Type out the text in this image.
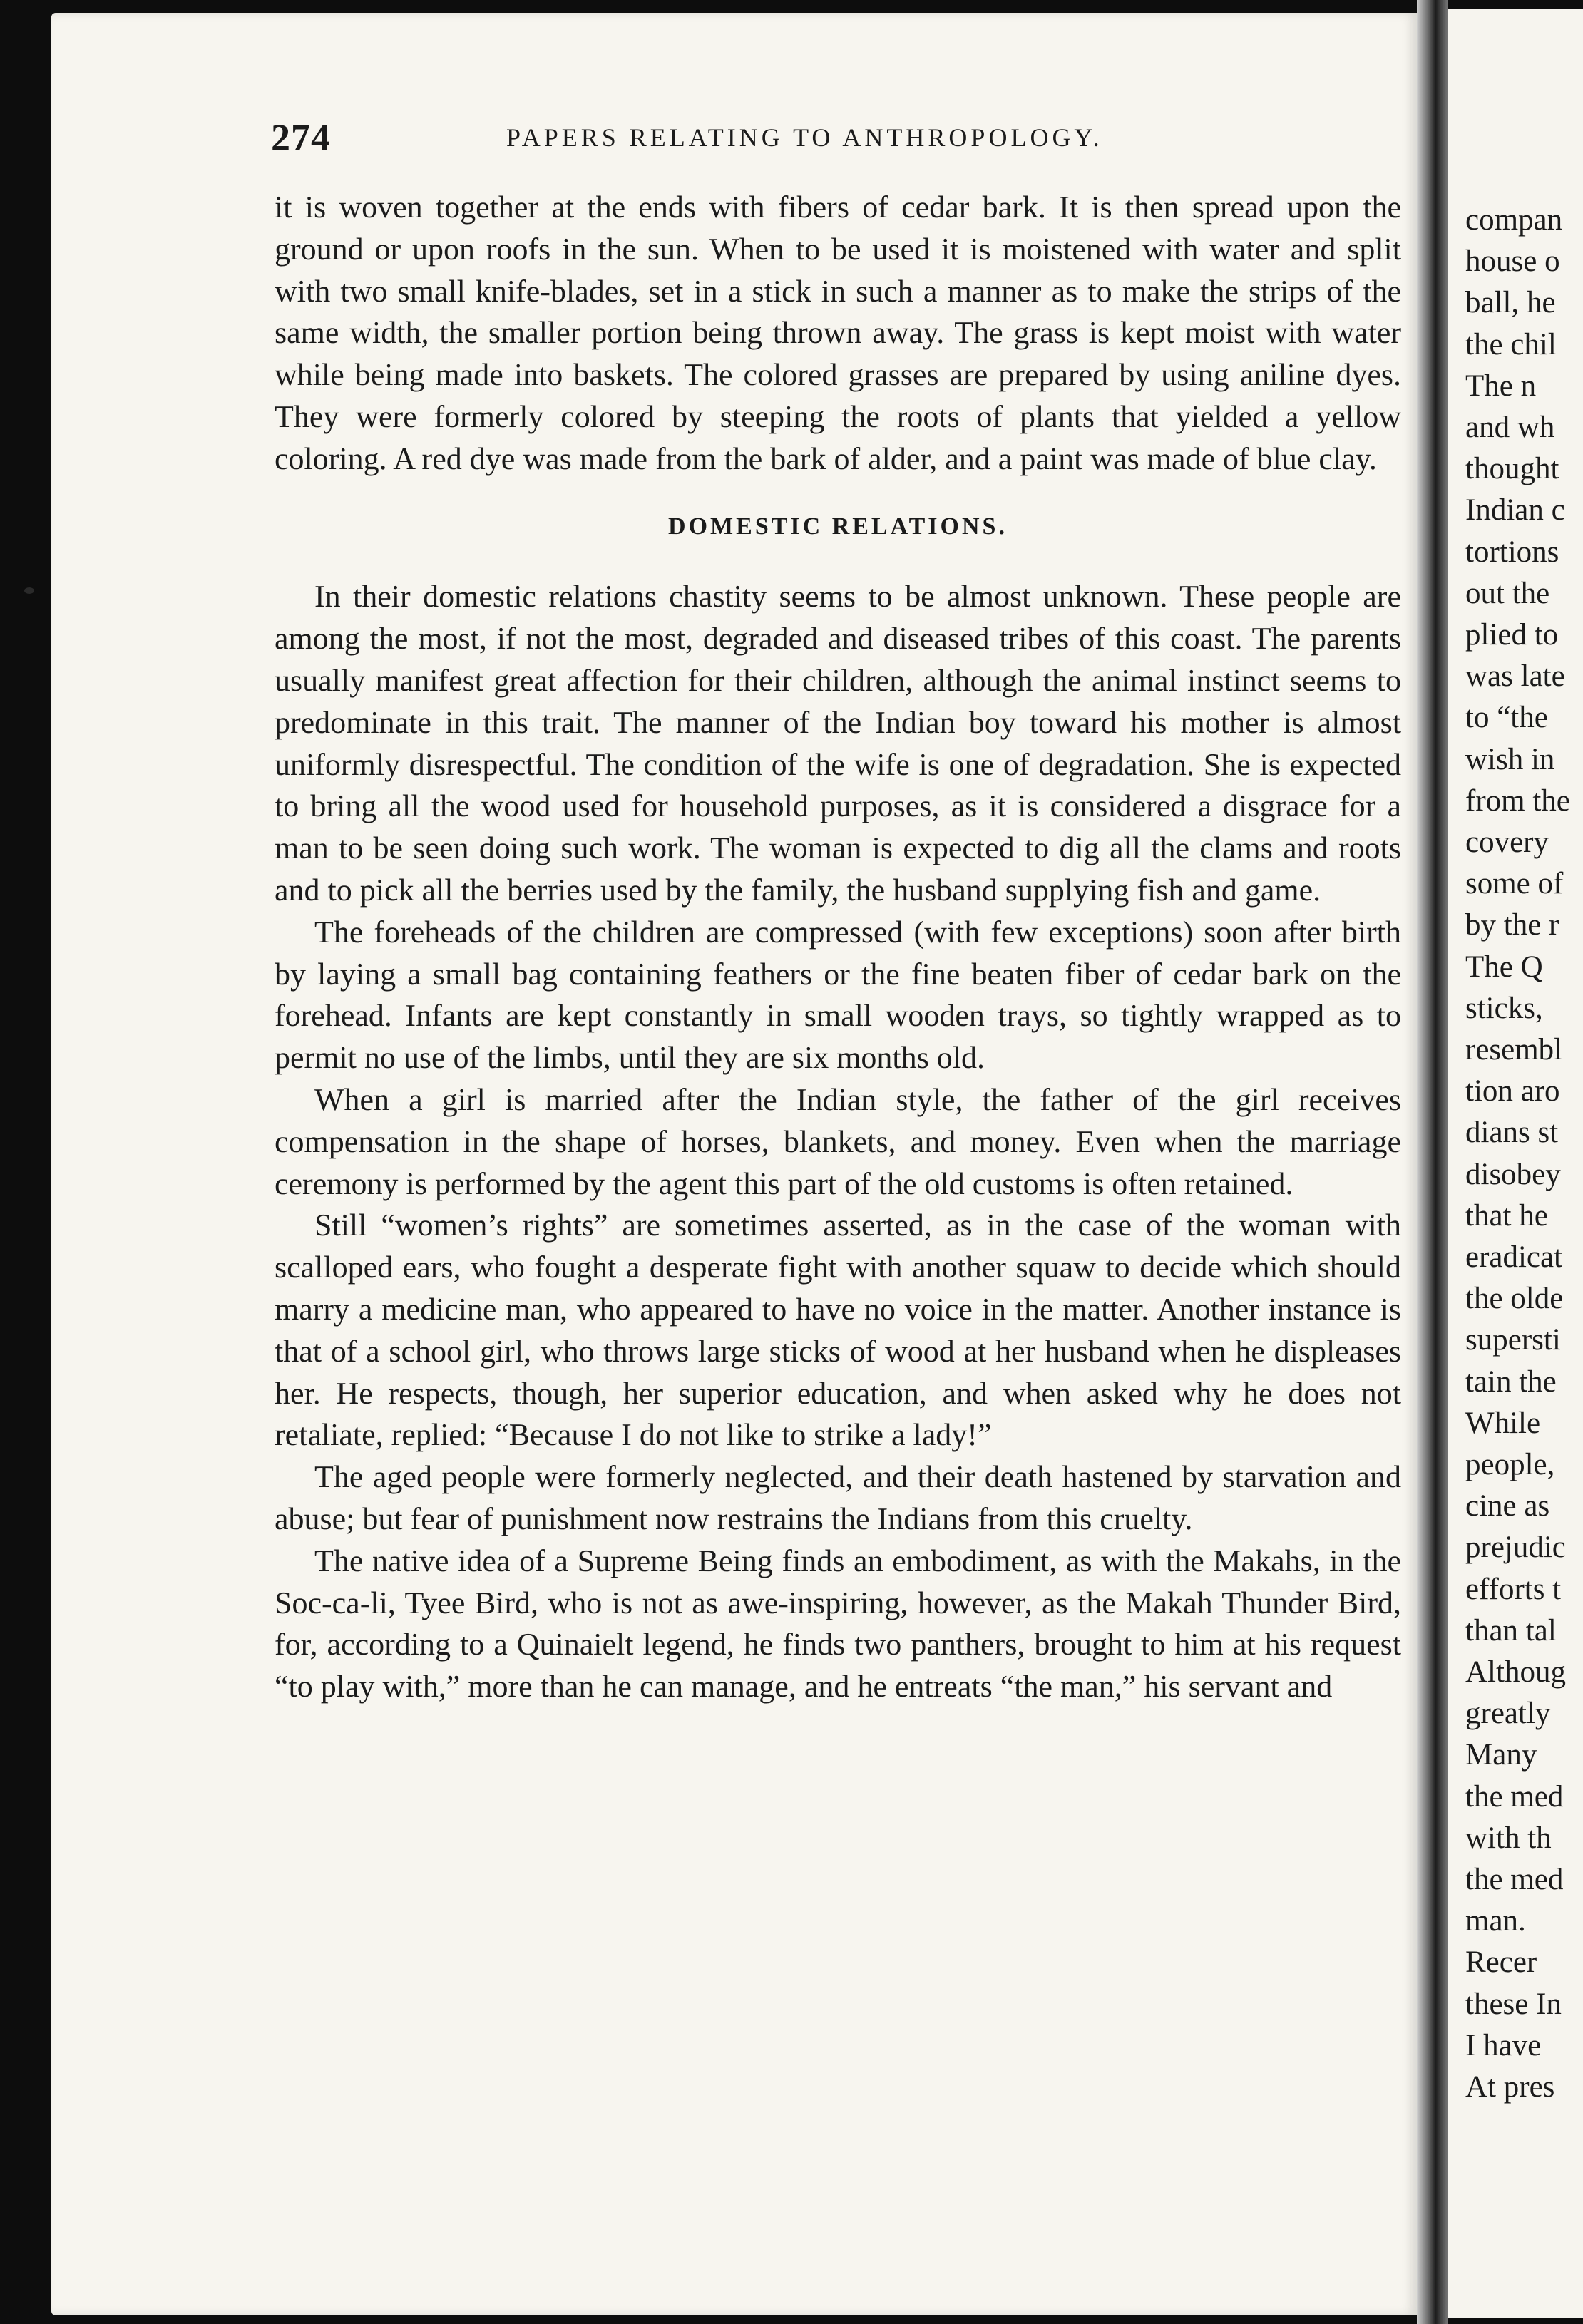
compan
house o
ball, he
the chil
The n
and wh
thought
Indian c
tortions
out the
plied to
was late
to “the
wish in
from the
covery
some of
by the r
The Q
sticks,
resembl
tion aro
dians st
disobey
that he
eradicat
the olde
supersti
tain the
While
people,
cine as
prejudic
efforts t
than tal
Althoug
greatly
Many
the med
with th
the med
man.
Recer
these In
I have
At pres
274	PAPERS RELATING TO ANTHROPOLOGY.

it is woven together at the ends with fibers of cedar bark. It is then spread upon the ground or upon roofs in the sun. When to be used it is moistened with water and split with two small knife-blades, set in a stick in such a manner as to make the strips of the same width, the smaller portion being thrown away. The grass is kept moist with water while being made into baskets. The colored grasses are prepared by using aniline dyes. They were formerly colored by steeping the roots of plants that yielded a yellow coloring. A red dye was made from the bark of alder, and a paint was made of blue clay.

DOMESTIC RELATIONS.

In their domestic relations chastity seems to be almost unknown. These people are among the most, if not the most, degraded and diseased tribes of this coast. The parents usually manifest great affection for their children, although the animal instinct seems to predominate in this trait. The manner of the Indian boy toward his mother is almost uniformly disrespectful. The condition of the wife is one of degradation. She is expected to bring all the wood used for household purposes, as it is considered a disgrace for a man to be seen doing such work. The woman is expected to dig all the clams and roots and to pick all the berries used by the family, the husband supplying fish and game.

The foreheads of the children are compressed (with few exceptions) soon after birth by laying a small bag containing feathers or the fine beaten fiber of cedar bark on the forehead. Infants are kept constantly in small wooden trays, so tightly wrapped as to permit no use of the limbs, until they are six months old.

When a girl is married after the Indian style, the father of the girl receives compensation in the shape of horses, blankets, and money. Even when the marriage ceremony is performed by the agent this part of the old customs is often retained.

Still “women’s rights” are sometimes asserted, as in the case of the woman with scalloped ears, who fought a desperate fight with another squaw to decide which should marry a medicine man, who appeared to have no voice in the matter. Another instance is that of a school girl, who throws large sticks of wood at her husband when he displeases her. He respects, though, her superior education, and when asked why he does not retaliate, replied: “Because I do not like to strike a lady!”

The aged people were formerly neglected, and their death hastened by starvation and abuse; but fear of punishment now restrains the Indians from this cruelty.

The native idea of a Supreme Being finds an embodiment, as with the Makahs, in the Soc-ca-li, Tyee Bird, who is not as awe-inspiring, however, as the Makah Thunder Bird, for, according to a Quinaielt legend, he finds two panthers, brought to him at his request “to play with,” more than he can manage, and he entreats “the man,” his servant and
